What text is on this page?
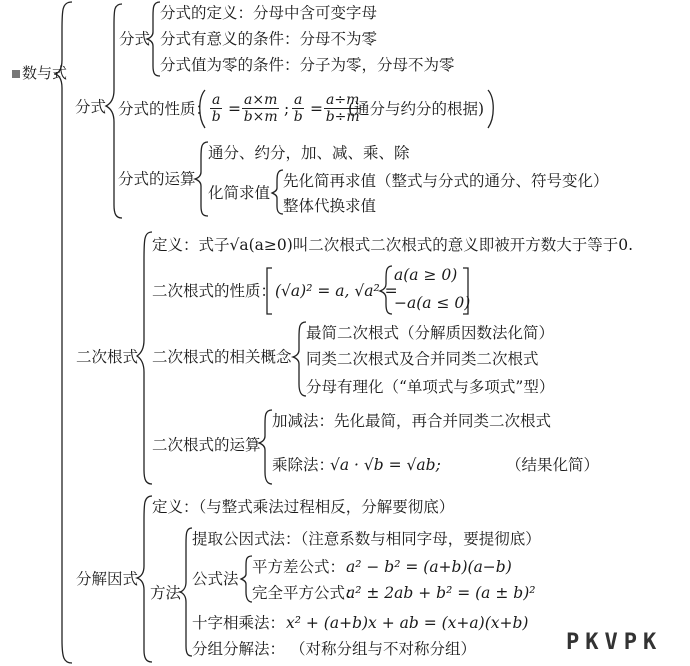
数与式
分式
分式
分式的定义：分母中含可变字母
分式有意义的条件：分母不为零
分式值为零的条件：分子为零，分母不为零
分式的性质：
$\frac{a}{b} = \frac{a\times m}{b\times m}$ ; $\frac{a}{b} = \frac{a\div m}{b\div m}$
(通分与约分的根据)
分式的运算
通分、约分，加、减、乘、除
化简求值
先化简再求值（整式与分式的通分、符号变化）
整体代换求值
二次根式
定义：式子√a(a≥0)叫二次根式二次根式的意义即被开方数大于等于0.
二次根式的性质：
(√a)² = a, √a² =
a(a ≥ 0)
−a(a ≤ 0)
二次根式的相关概念
最简二次根式（分解质因数法化简）
同类二次根式及合并同类二次根式
分母有理化（“单项式与多项式”型）
二次根式的运算
加减法：先化最简，再合并同类二次根式
乘除法：
√a · √b = √ab;	（结果化简）
分解因式
定义：（与整式乘法过程相反，分解要彻底）
方法
提取公因式法：（注意系数与相同字母，要提彻底）
公式法
平方差公式： a² − b² = (a+b)(a−b)
完全平方公式：
a² ± 2ab + b² = (a ± b)²
十字相乘法： x² + (a+b)x + ab = (x+a)(x+b)
分组分解法： （对称分组与不对称分组）	PKVPK
